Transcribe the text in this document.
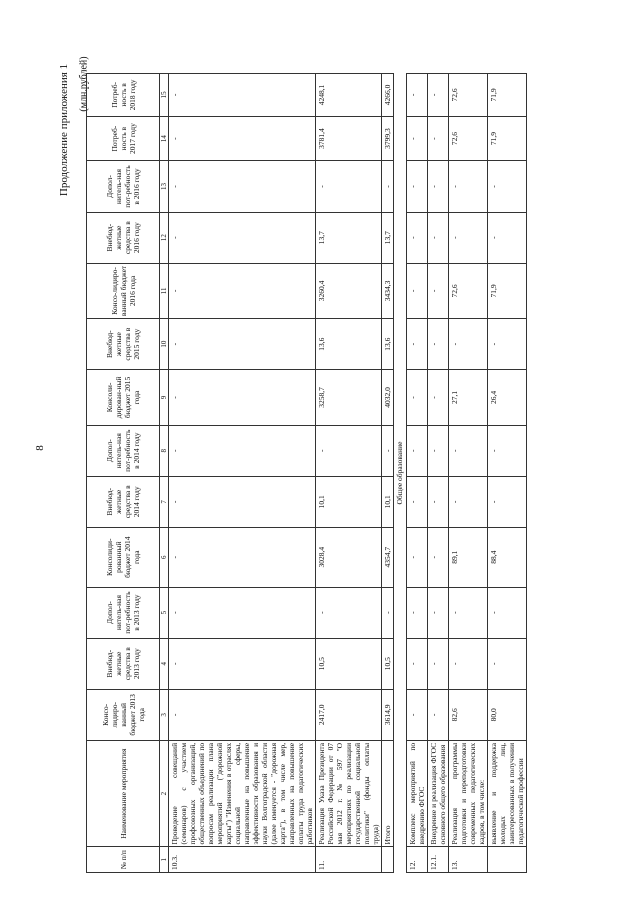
8
Продолжение приложения 1 (млн.рублей)
№ п/п	Наименование мероприятия	Консо-лидиро-ванный бюджет 2013 года	Внебюд-жетные средства в 2013 году	Допол-нитель-ная пот-ребность в 2013 году	Консолиди-рованный бюджет 2014 года	Внебюд-жетные средства в 2014 году	Допол-нитель-ная пот-ребность в 2014 году	Консоли-дирован-ный бюджет 2015 года	Внебюд-жетные средства в 2015 году	Консо-лидиро-ванный бюджет 2016 года	Внебюд-жетные средства в 2016 году	Допол-нитель-ная пот-ребность в 2016 году	Потреб-ность в 2017 году	Потреб-ность в 2018 году
1	2	3	4	5	6	7	8	9	10	11	12	13	14	15
10.3.	Проведение совещаний (семинаров) с участием профсоюзных организаций, общественных объединений по вопросам реализации плана мероприятий ("дорожной карты") "Изменения в отраслях социальной сферы, направленные на повышение эффективности образования и науки Волгоградской области (далее именуется - "дорожная карта"), в том числе мер, направленных на повышение оплаты труда педагогических работников	-	-	-	-	-	-	-	-	-	-	-	-	-
11.	Реализация Указа Президента Российской Федерации от 07 мая 2012 г. № 597 "О мероприятиях по реализации государственной социальной политики" (фонды оплаты труда)	2417,0	10,5	-	3028,4	10,1	-	3258,7	13,6	3260,4	13,7	-	3781,4	4248,1
	Итого	3614,9	10,5	-	4354,7	10,1	-	4032,0	13,6	3434,3	13,7	-	3799,3	4266,0
Общее образование														
12.	Комплекс мероприятий по внедрению ФГОС	-	-	-	-	-	-	-	-	-	-	-	-	-
12.1.	Внедрение и реализация ФГОС основного общего образования	-	-	-	-	-	-	-	-	-	-	-	-	-
13.	Реализация программы подготовки и переподготовки современных педагогических кадров, в том числе:	82,6	-	-	89,1	-	-	27,1	-	72,6	-	-	72,6	72,6
	выявление и поддержка молодых лиц, заинтересованных в получении педагогической профессии	80,0	-	-	88,4	-	-	26,4	-	71,9	-	-	71,9	71,9
